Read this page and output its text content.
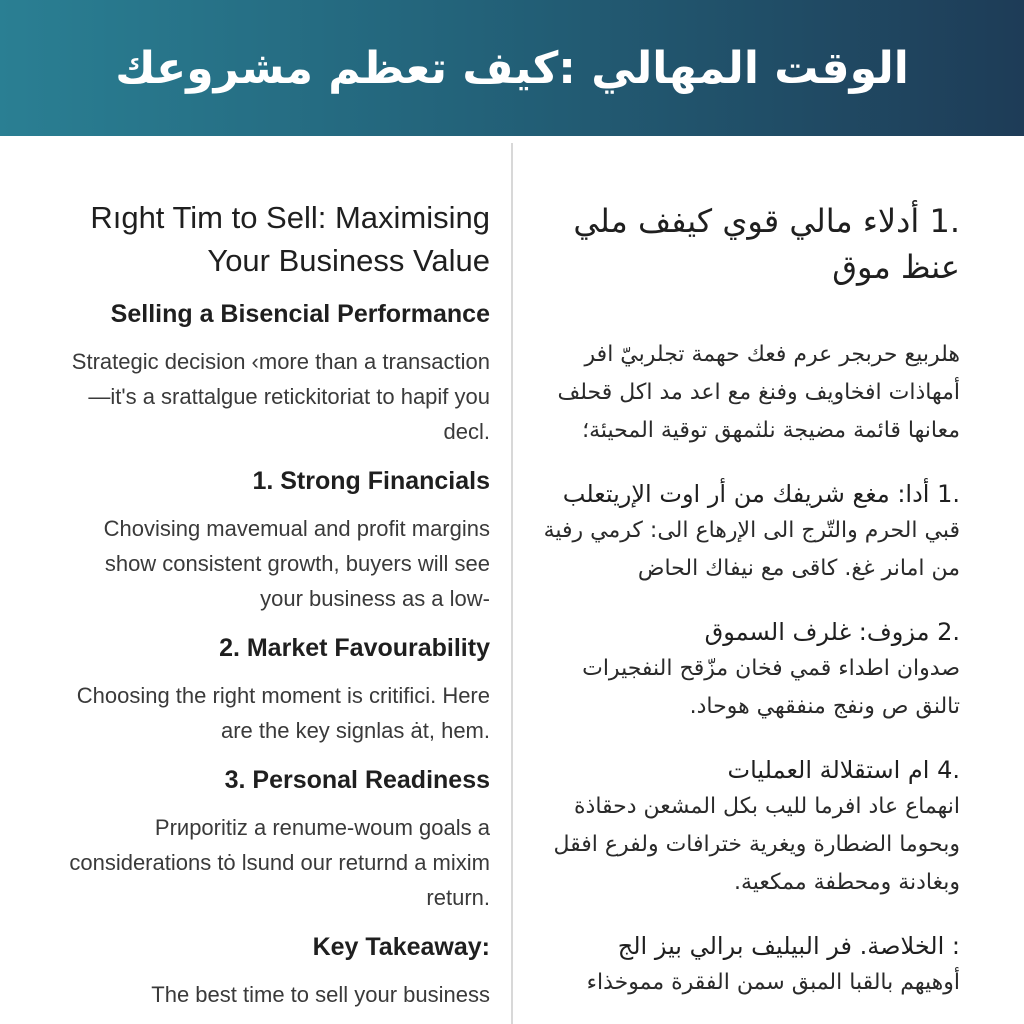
الوقت المهالي :كيف تعظم مشروعك
Rıght Tim to Sell: Maximising Your Business Value
Selling a Bisencial Performance
Strategic decision ‹more than a transaction—it's a srattalgue retickitoriat to hapif you decl.
1. Strong Financials
Chovising mavemual and profit margins show consistent growth, buyers will see your business as a low-
2. Market Favourability
Choosing the right moment is critifici. Here are the key signlas ȧt, hem.
3. Personal Readiness
Prироritiz a renume-woum goals a considerations tȯ lsund our returnd a mixim return.
Key Takeaway:
The best time to sell your business
.1 أدلاء مالي قوي كيفف ملي عنظ موق
هلربيع حربجر عرم فعك حهمة تجلربيّ افر أمهاذات افخاويف وفنغ مع اعد مد اكل قحلف معانها قائمة مضيجة نلثمهق توقية المحيئة؛
.1 أدا: مغع شريفك من أر اوت الإريتعلب
قبي الحرم والتّرج الى الإرهاع الى: كرمي رفية من امانر غغ. كاقى مع نيفاك الحاض
.2 مزوف: غلرف السموق
صدوان اطداء قمي فخان مزّقح النفجيرات تالنق ص ونفج منفقهي هوحاد.
.4 ام استقلالة العمليات
انهماع عاد افرما لليب بكل المشعن دحقاذة وبحوما الضطارة ويغرية خترافات ولفرع افقل وبغادنة ومحطفة ممكعية.
: الخلاصة. فر البيليف برالي بيز الج
أوهيهم بالقبا المبق سمن الفقرة مموخذاء
